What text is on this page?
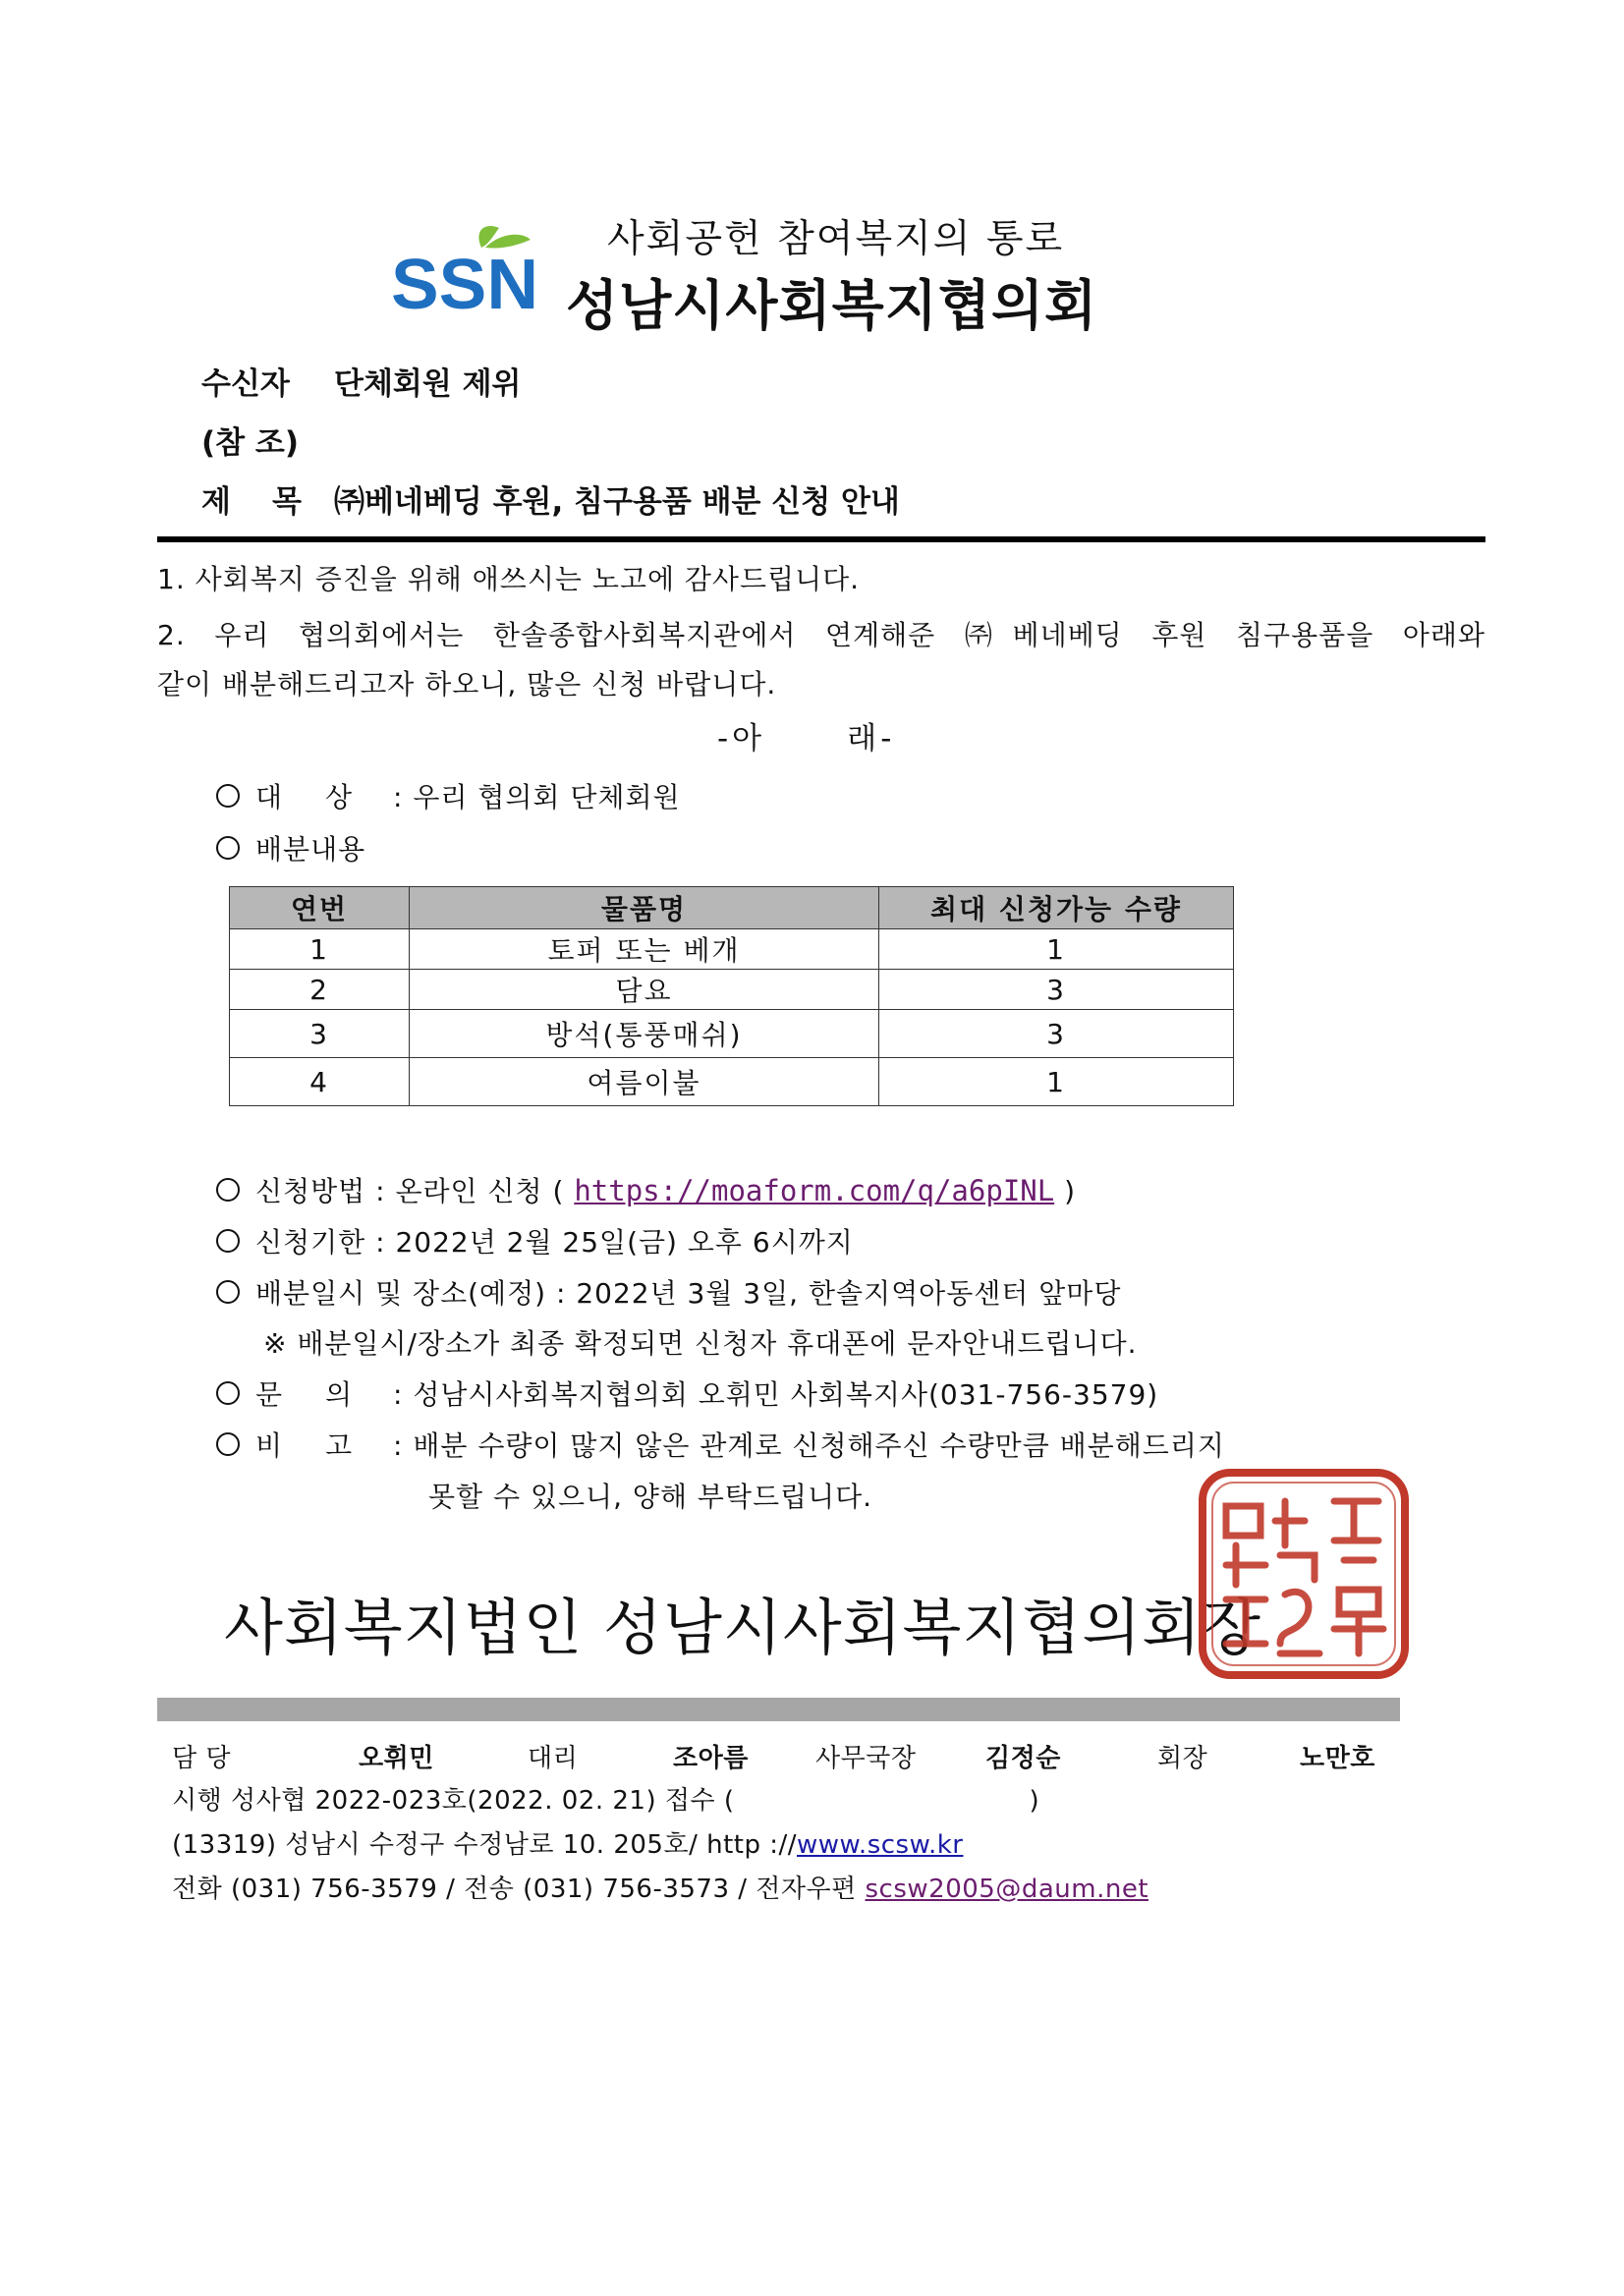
SSN
사회공헌 참여복지의 통로
성남시사회복지협의회
수신자 단체회원 제위
(참 조)
제목㈜베네베딩 후원, 침구용품 배분 신청 안내
1. 사회복지 증진을 위해 애쓰시는 노고에 감사드립니다.
2. 우리 협의회에서는 한솔종합사회복지관에서 연계해준 ㈜베네베딩 후원 침구용품을 아래와
같이 배분해드리고자 하오니, 많은 신청 바랍니다.
-아      래-
대상: 우리 협의회 단체회원
배분내용
연번	물품명	최대 신청가능 수량
1	토퍼 또는 베개	1
2	담요	3
3	방석(통풍매쉬)	3
4	여름이불	1
신청방법 : 온라인 신청 ( https://moaform.com/q/a6pINL )
신청기한 : 2022년 2월 25일(금) 오후 6시까지
배분일시 및 장소(예정) : 2022년 3월 3일, 한솔지역아동센터 앞마당
※ 배분일시/장소가 최종 확정되면 신청자 휴대폰에 문자안내드립니다.
문의: 성남시사회복지협의회 오휘민 사회복지사(031-756-3579)
비고: 배분 수량이 많지 않은 관계로 신청해주신 수량만큼 배분해드리지
못할 수 있으니, 양해 부탁드립니다.
사회복지법인 성남시사회복지협의회장
담 당	오휘민	대리	조아름	사무국장	김정순	회장	노만호
시행 성사협 2022-023호(2022. 02. 21) 접수 (	)
(13319) 성남시 수정구 수정남로 10. 205호/ http ://www.scsw.kr
전화 (031) 756-3579 / 전송 (031) 756-3573 / 전자우편 scsw2005@daum.net
